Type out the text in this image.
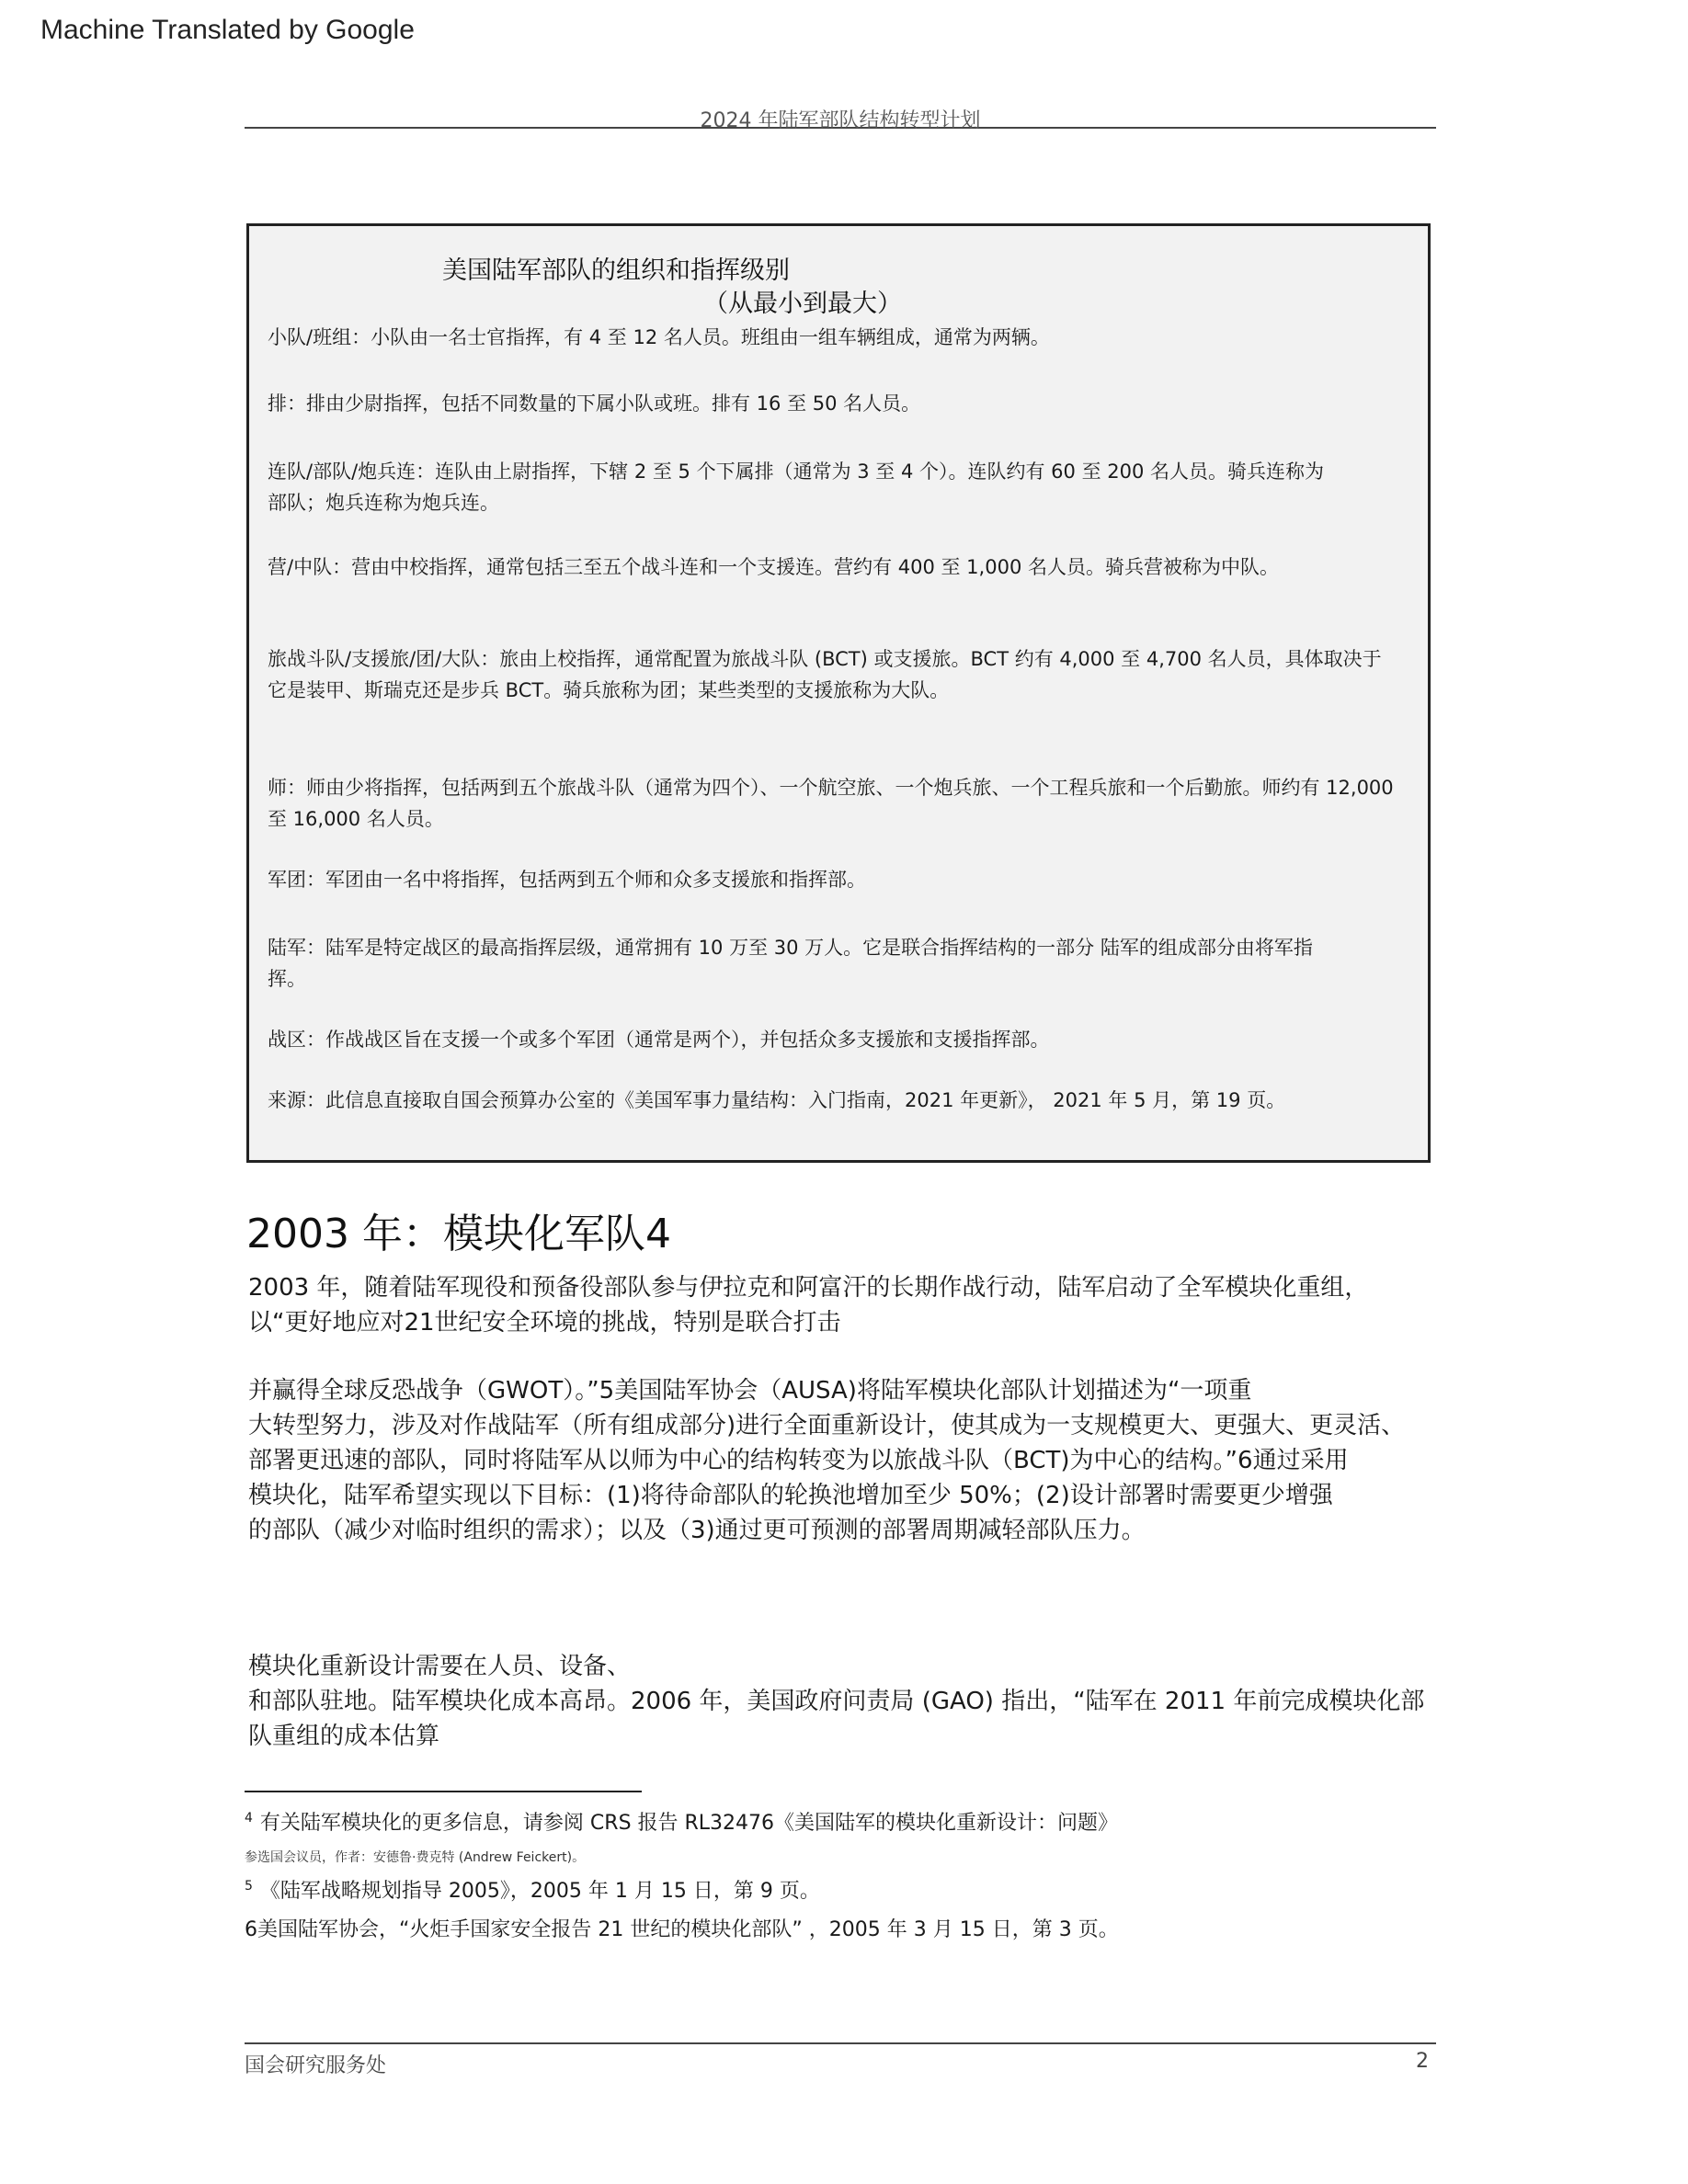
Machine Translated by Google
2024 年陆军部队结构转型计划
美国陆军部队的组织和指挥级别
（从最小到最大）
小队/班组：小队由一名士官指挥，有 4 至 12 名人员。班组由一组车辆组成，通常为两辆。
排：排由少尉指挥，包括不同数量的下属小队或班。排有 16 至 50 名人员。
连队/部队/炮兵连：连队由上尉指挥，下辖 2 至 5 个下属排（通常为 3 至 4 个）。连队约有 60 至 200 名人员。骑兵连称为
部队；炮兵连称为炮兵连。
营/中队：营由中校指挥，通常包括三至五个战斗连和一个支援连。营约有 400 至 1,000 名人员。骑兵营被称为中队。
旅战斗队/支援旅/团/大队：旅由上校指挥，通常配置为旅战斗队 (BCT) 或支援旅。BCT 约有 4,000 至 4,700 名人员，具体取决于
它是装甲、斯瑞克还是步兵 BCT。骑兵旅称为团；某些类型的支援旅称为大队。
师：师由少将指挥，包括两到五个旅战斗队（通常为四个）、一个航空旅、一个炮兵旅、一个工程兵旅和一个后勤旅。师约有 12,000
至 16,000 名人员。
军团：军团由一名中将指挥，包括两到五个师和众多支援旅和指挥部。
陆军：陆军是特定战区的最高指挥层级，通常拥有 10 万至 30 万人。它是联合指挥结构的一部分 陆军的组成部分由将军指
挥。
战区：作战战区旨在支援一个或多个军团（通常是两个），并包括众多支援旅和支援指挥部。
来源：此信息直接取自国会预算办公室的《美国军事力量结构：入门指南，2021 年更新》， 2021 年 5 月，第 19 页。
2003 年：模块化军队4
2003 年，随着陆军现役和预备役部队参与伊拉克和阿富汗的长期作战行动，陆军启动了全军模块化重组，
以“更好地应对21世纪安全环境的挑战，特别是联合打击
并赢得全球反恐战争（GWOT）。”5美国陆军协会（AUSA)将陆军模块化部队计划描述为“一项重
大转型努力，涉及对作战陆军（所有组成部分)进行全面重新设计，使其成为一支规模更大、更强大、更灵活、
部署更迅速的部队，同时将陆军从以师为中心的结构转变为以旅战斗队（BCT)为中心的结构。”6通过采用
模块化，陆军希望实现以下目标：(1)将待命部队的轮换池增加至少 50%；(2)设计部署时需要更少增强
的部队（减少对临时组织的需求）；以及（3)通过更可预测的部署周期减轻部队压力。
模块化重新设计需要在人员、设备、
和部队驻地。陆军模块化成本高昂。2006 年，美国政府问责局 (GAO) 指出，“陆军在 2011 年前完成模块化部
队重组的成本估算
$^4$ 有关陆军模块化的更多信息，请参阅 CRS 报告 RL32476《美国陆军的模块化重新设计：问题》
参选国会议员，作者：安德鲁·费克特 (Andrew Feickert)。
$^5$ 《陆军战略规划指导 2005》，2005 年 1 月 15 日，第 9 页。
6美国陆军协会，“火炬手国家安全报告 21 世纪的模块化部队” ，2005 年 3 月 15 日，第 3 页。
国会研究服务处	2
